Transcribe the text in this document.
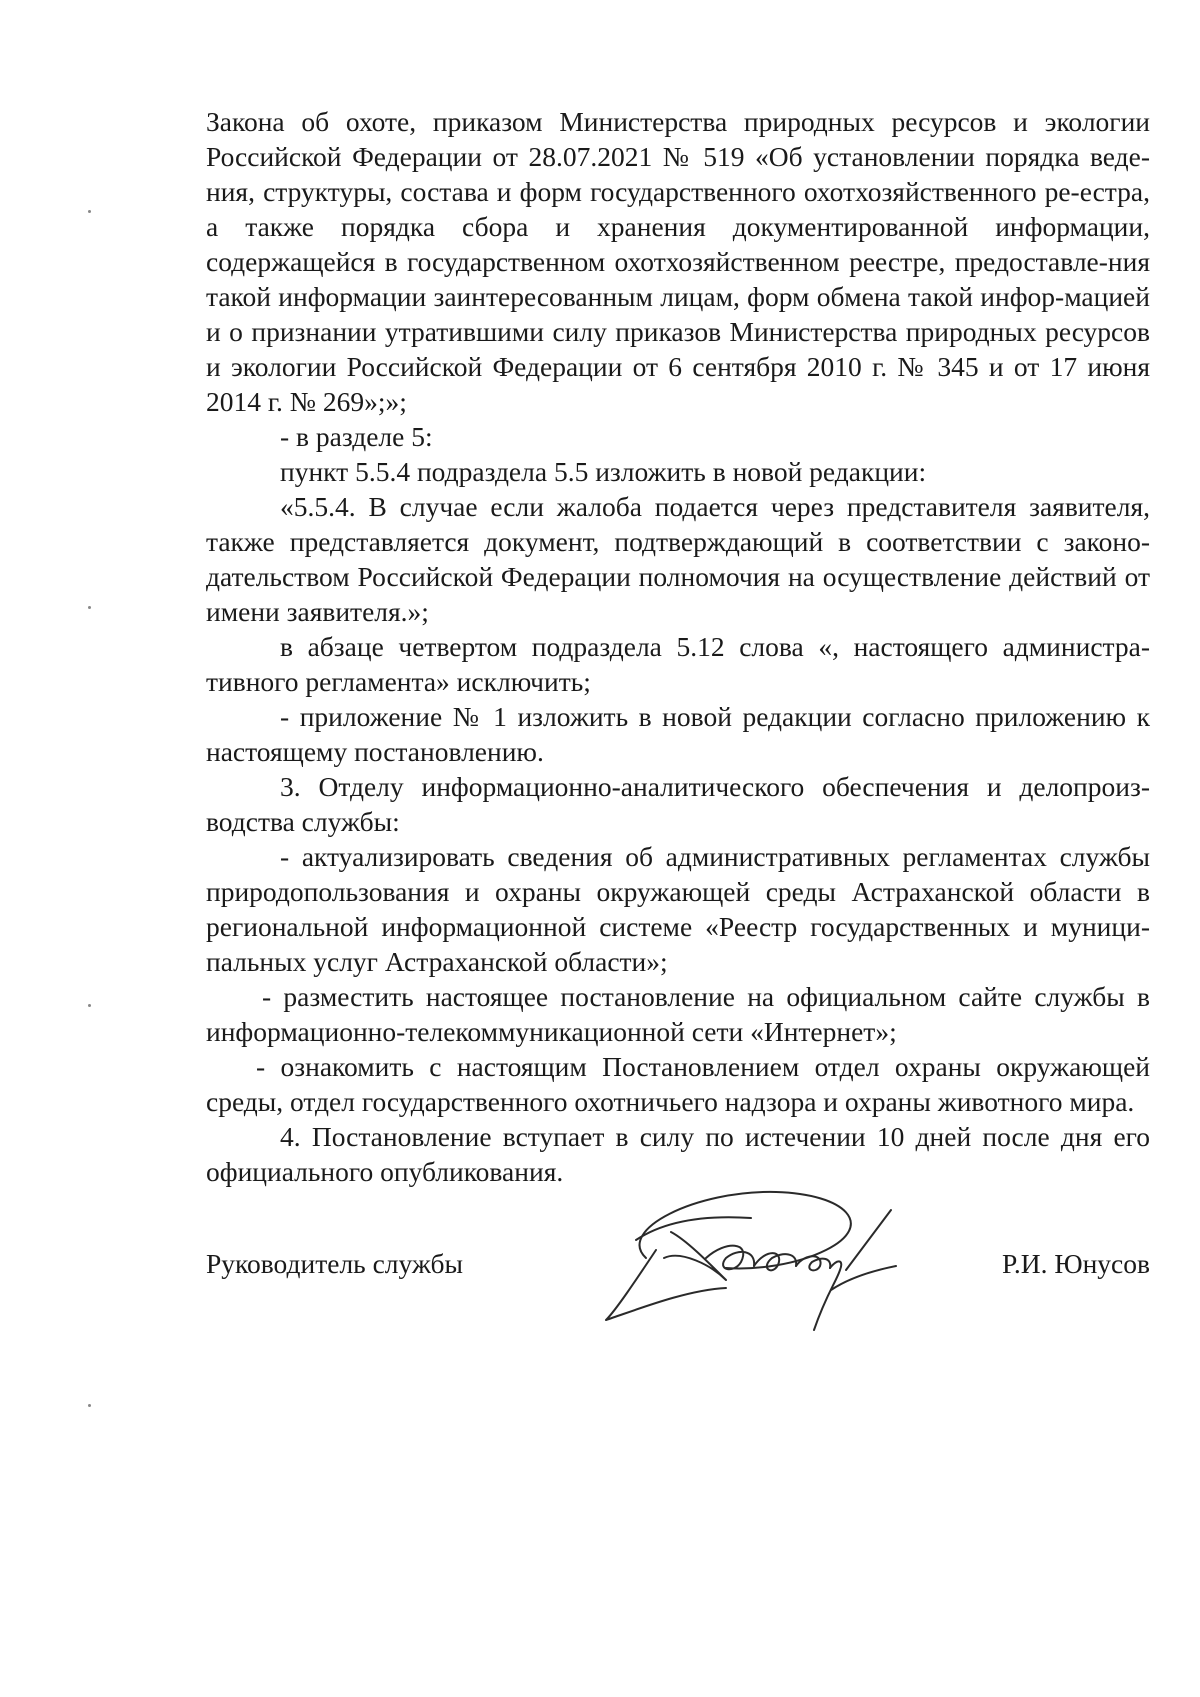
Закона об охоте, приказом Министерства природных ресурсов и экологии Российской Федерации от 28.07.2021 № 519 «Об установлении порядка веде-ния, структуры, состава и форм государственного охотхозяйственного ре-естра, а также порядка сбора и хранения документированной информации, содержащейся в государственном охотхозяйственном реестре, предоставле-ния такой информации заинтересованным лицам, форм обмена такой инфор-мацией и о признании утратившими силу приказов Министерства природных ресурсов и экологии Российской Федерации от 6 сентября 2010 г. № 345 и от 17 июня 2014 г. № 269»;»;

- в разделе 5:

пункт 5.5.4 подраздела 5.5 изложить в новой редакции:

«5.5.4. В случае если жалоба подается через представителя заявителя, также представляется документ, подтверждающий в соответствии с законо-дательством Российской Федерации полномочия на осуществление действий от имени заявителя.»;

в абзаце четвертом подраздела 5.12 слова «, настоящего администра-тивного регламента» исключить;

- приложение № 1 изложить в новой редакции согласно приложению к настоящему постановлению.

3. Отделу информационно-аналитического обеспечения и делопроиз-водства службы:

- актуализировать сведения об административных регламентах службы природопользования и охраны окружающей среды Астраханской области в региональной информационной системе «Реестр государственных и муници-пальных услуг Астраханской области»;

- разместить настоящее постановление на официальном сайте службы в информационно-телекоммуникационной сети «Интернет»;

- ознакомить с настоящим Постановлением отдел охраны окружающей среды, отдел государственного охотничьего надзора и охраны животного мира.

4. Постановление вступает в силу по истечении 10 дней после дня его официального опубликования.

Руководитель службы	Р.И. Юнусов
